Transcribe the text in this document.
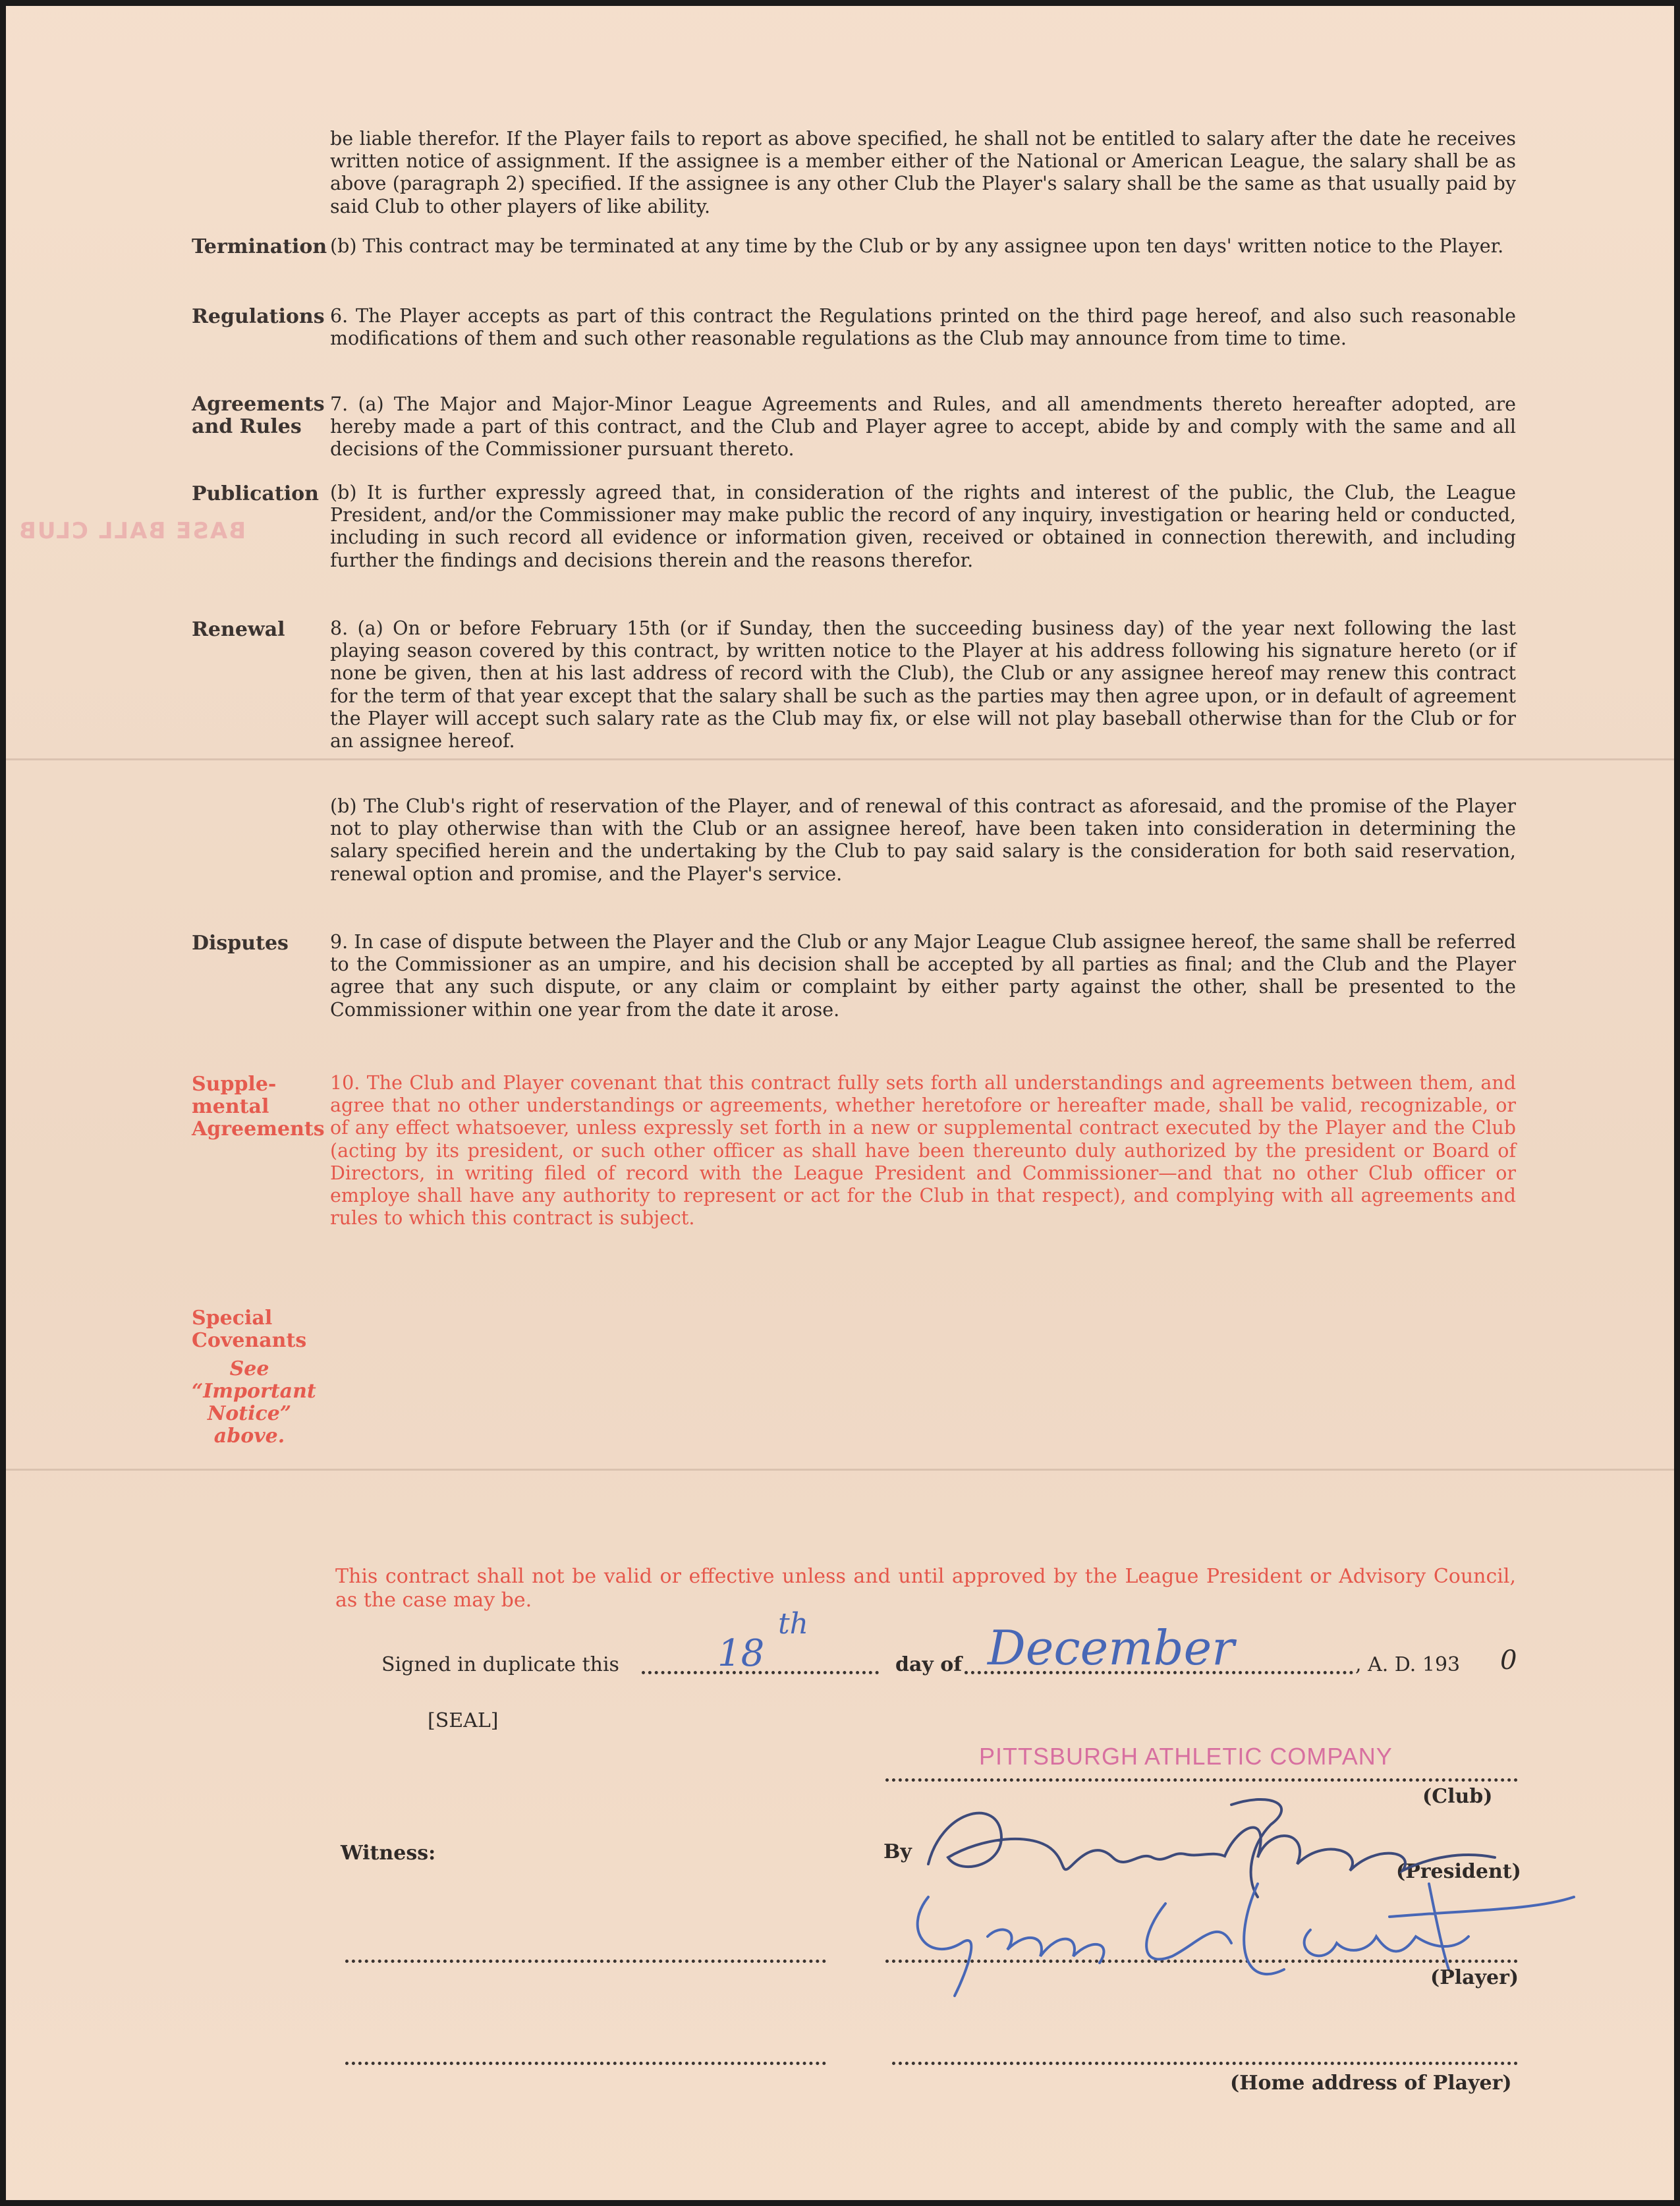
BASE BALL CLUB

be liable therefor. If the Player fails to report as above specified, he shall not be entitled to salary after the date he receives written notice of assignment. If the assignee is a member either of the National or American League, the salary shall be as above (paragraph 2) specified. If the assignee is any other Club the Player's salary shall be the same as that usually paid by said Club to other players of like ability.

Termination (b) This contract may be terminated at any time by the Club or by any assignee upon ten days' written notice to the Player.

Regulations 6. The Player accepts as part of this contract the Regulations printed on the third page hereof, and also such reasonable modifications of them and such other reasonable regulations as the Club may announce from time to time.

Agreements and Rules

7. (a) The Major and Major-Minor League Agreements and Rules, and all amendments thereto hereafter adopted, are hereby made a part of this contract, and the Club and Player agree to accept, abide by and comply with the same and all decisions of the Commissioner pursuant thereto.

Publication (b) It is further expressly agreed that, in consideration of the rights and interest of the public, the Club, the League President, and/or the Commissioner may make public the record of any inquiry, investigation or hearing held or conducted, including in such record all evidence or information given, received or obtained in connection therewith, and including further the findings and decisions therein and the reasons therefor.

Renewal 8. (a) On or before February 15th (or if Sunday, then the succeeding business day) of the year next following the last playing season covered by this contract, by written notice to the Player at his address following his signature hereto (or if none be given, then at his last address of record with the Club), the Club or any assignee hereof may renew this contract for the term of that year except that the salary shall be such as the parties may then agree upon, or in default of agreement the Player will accept such salary rate as the Club may fix, or else will not play baseball otherwise than for the Club or for an assignee hereof.

(b) The Club's right of reservation of the Player, and of renewal of this contract as aforesaid, and the promise of the Player not to play otherwise than with the Club or an assignee hereof, have been taken into consideration in determining the salary specified herein and the undertaking by the Club to pay said salary is the consideration for both said reservation, renewal option and promise, and the Player's service.

Disputes 9. In case of dispute between the Player and the Club or any Major League Club assignee hereof, the same shall be referred to the Commissioner as an umpire, and his decision shall be accepted by all parties as final; and the Club and the Player agree that any such dispute, or any claim or complaint by either party against the other, shall be presented to the Commissioner within one year from the date it arose.

Supple- mental Agreements

10. The Club and Player covenant that this contract fully sets forth all understandings and agreements between them, and agree that no other understandings or agreements, whether heretofore or hereafter made, shall be valid, recognizable, or of any effect whatsoever, unless expressly set forth in a new or supplemental contract executed by the Player and the Club (acting by its president, or such other officer as shall have been thereunto duly authorized by the president or Board of Directors, in writing filed of record with the League President and Commissioner—and that no other Club officer or employe shall have any authority to represent or act for the Club in that respect), and complying with all agreements and rules to which this contract is subject.

Special Covenants
See
“Important
Notice”
above.

This contract shall not be valid or effective unless and until approved by the League President or Advisory Council, as the case may be.

Signed in duplicate this	18
th
day of December	, A. D. 193 0
[SEAL]
PITTSBURGH ATHLETIC COMPANY
(Club)
By
(President)
Witness:
(Player)
(Home address of Player)
